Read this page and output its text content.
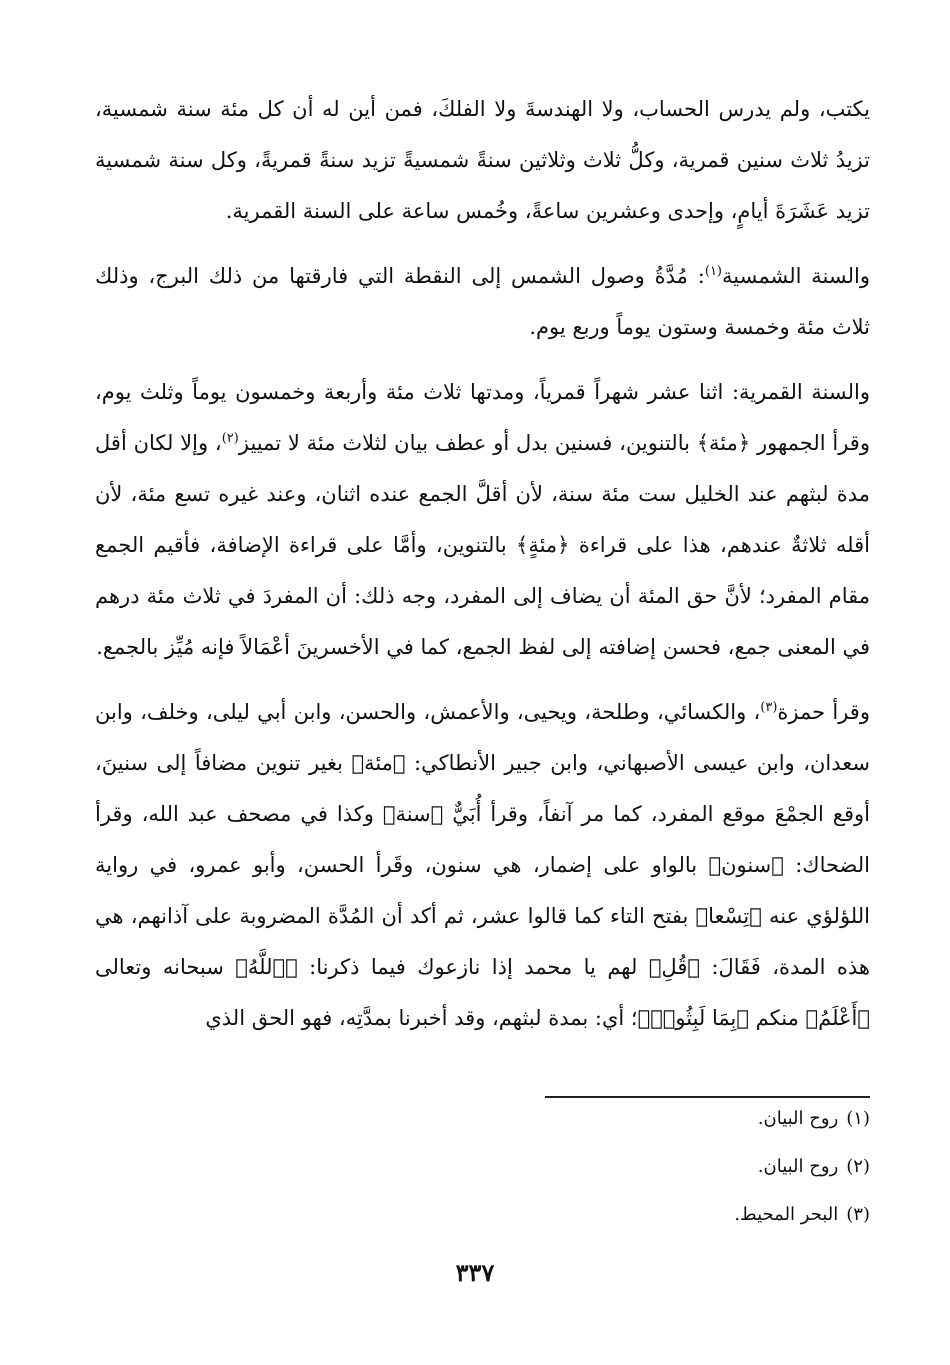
يكتب، ولم يدرس الحساب، ولا الهندسةَ ولا الفلكَ، فمن أين له أن كل مئة سنة شمسية، تزيدُ ثلاث سنين قمرية، وكلُّ ثلاث وثلاثين سنةً شمسيةً تزيد سنةً قمريةً، وكل سنة شمسية تزيد عَشَرَةَ أيامٍ، وإحدى وعشرين ساعةً، وخُمس ساعة على السنة القمرية.

والسنة الشمسية$^{(١)}$: مُدَّةُ وصول الشمس إلى النقطة التي فارقتها من ذلك البرج، وذلك ثلاث مئة وخمسة وستون يوماً وربع يوم.

والسنة القمرية: اثنا عشر شهراً قمرياً، ومدتها ثلاث مئة وأربعة وخمسون يوماً وثلث يوم، وقرأ الجمهور ﴿مئة﴾ بالتنوين، فسنين بدل أو عطف بيان لثلاث مئة لا تمييز$^{(٢)}$، وإلا لكان أقل مدة لبثهم عند الخليل ست مئة سنة، لأن أقلَّ الجمع عنده اثنان، وعند غيره تسع مئة، لأن أقله ثلاثةٌ عندهم، هذا على قراءة ﴿مئةٍ﴾ بالتنوين، وأمَّا على قراءة الإضافة، فأقيم الجمع مقام المفرد؛ لأنَّ حق المئة أن يضاف إلى المفرد، وجه ذلك: أن المفردَ في ثلاث مئة درهم في المعنى جمع، فحسن إضافته إلى لفظ الجمع، كما في الأخسرينَ أعْمَالاً فإنه مُيِّز بالجمع.

وقرأ حمزة$^{(٣)}$، والكسائي، وطلحة، ويحيى، والأعمش، والحسن، وابن أبي ليلى، وخلف، وابن سعدان، وابن عيسى الأصبهاني، وابن جبير الأنطاكي: ﴿مئة﴾ بغير تنوين مضافاً إلى سنينَ، أوقع الجمْعَ موقع المفرد، كما مر آنفاً، وقرأ أُبَيٌّ ﴿سنة﴾ وكذا في مصحف عبد الله، وقرأ الضحاك: ﴿سنون﴾ بالواو على إضمار، هي سنون، وقَرأ الحسن، وأبو عمرو، في رواية اللؤلؤي عنه ﴿تِسْعا﴾ بفتح التاء كما قالوا عشر، ثم أكد أن المُدَّة المضروبة على آذانهم، هي هذه المدة، فَقَالَ: ﴿قُلِ﴾ لهم يا محمد إذا نازعوك فيما ذكرنا: ﴿ٱللَّهُ﴾ سبحانه وتعالى ﴿أَعْلَمُ﴾ منكم ﴿بِمَا لَبِثُوا۟﴾؛ أي: بمدة لبثهم، وقد أخبرنا بمدَّتِه، فهو الحق الذي

(١)روح البيان.

(٢)روح البيان.

(٣)البحر المحيط.

٣٣٧
